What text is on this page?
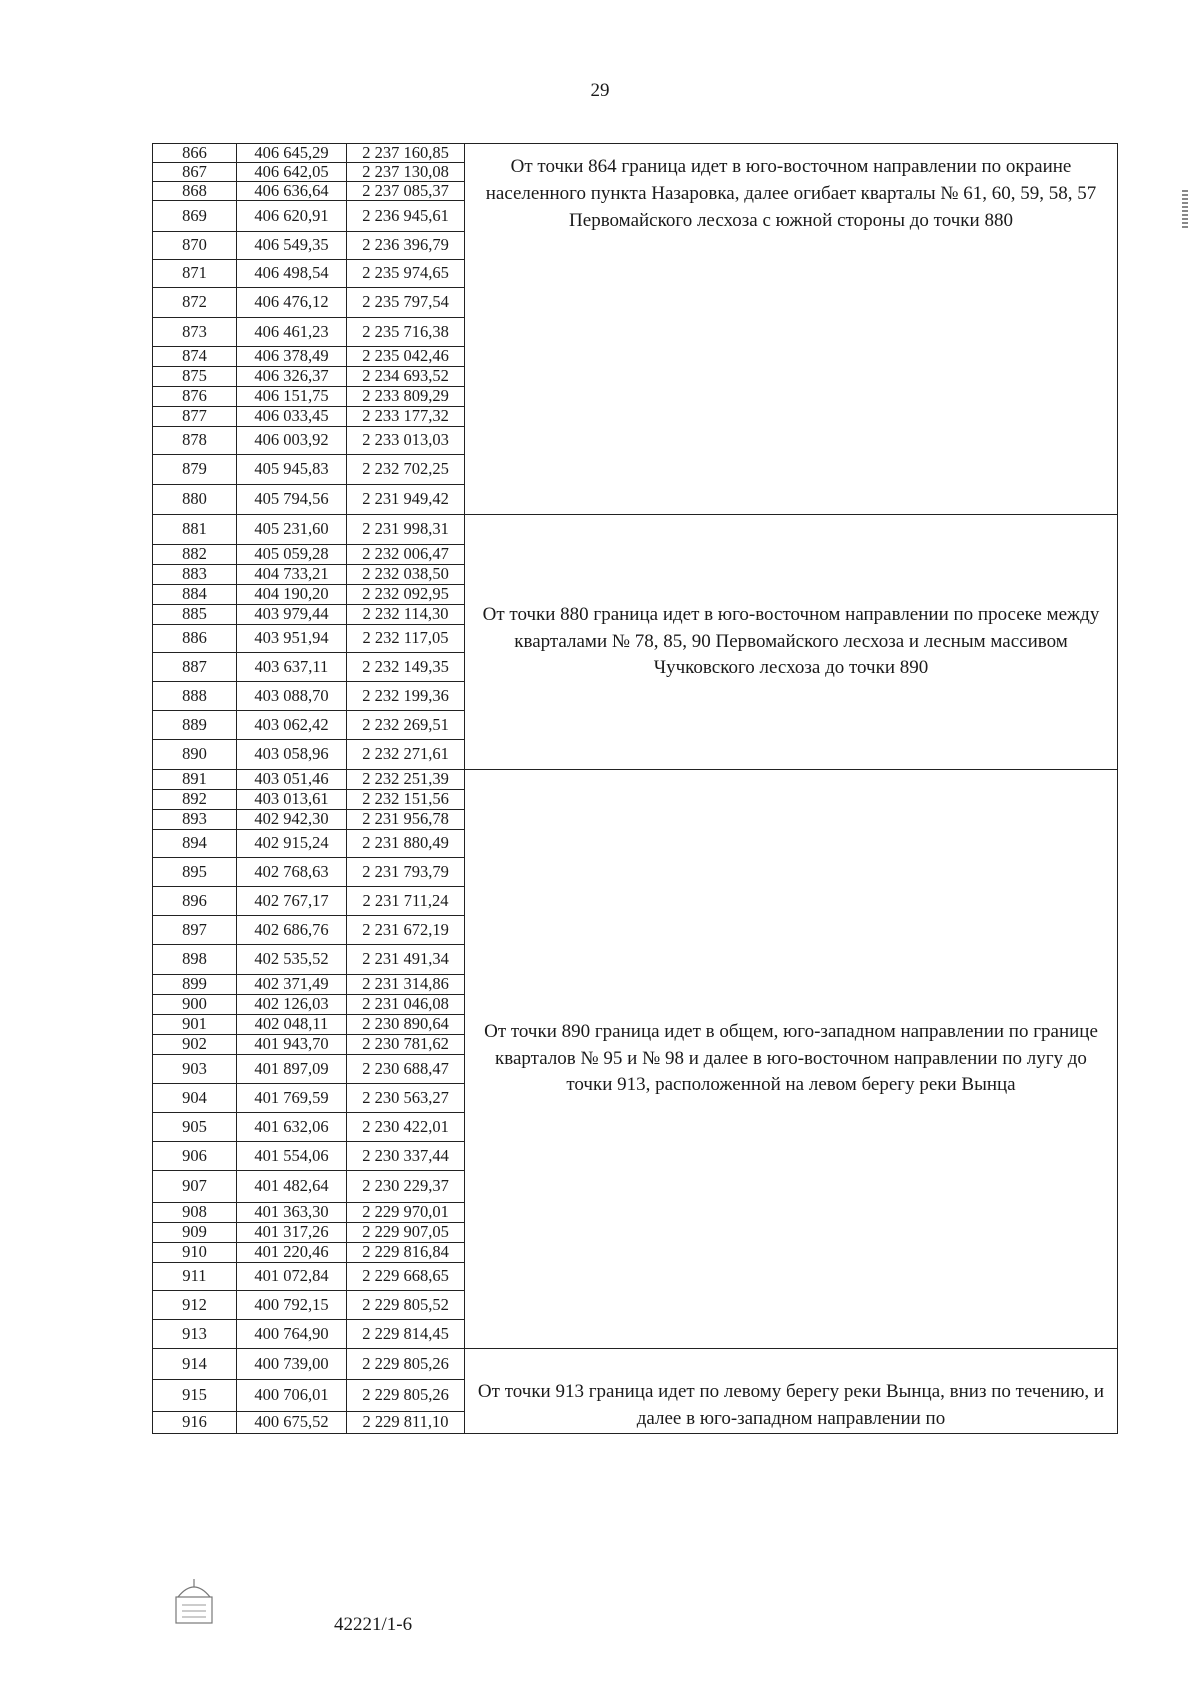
29
866	406 645,29	2 237 160,85	От точки 864 граница идет в юго-восточном направлении по окраине населенного пункта Назаровка, далее огибает кварталы № 61, 60, 59, 58, 57 Первомайского лесхоза с южной стороны до точки 880
867	406 642,05	2 237 130,08	
868	406 636,64	2 237 085,37	
869	406 620,91	2 236 945,61	
870	406 549,35	2 236 396,79	
871	406 498,54	2 235 974,65	
872	406 476,12	2 235 797,54	
873	406 461,23	2 235 716,38	
874	406 378,49	2 235 042,46	
875	406 326,37	2 234 693,52	
876	406 151,75	2 233 809,29	
877	406 033,45	2 233 177,32	
878	406 003,92	2 233 013,03	
879	405 945,83	2 232 702,25	
880	405 794,56	2 231 949,42	
881	405 231,60	2 231 998,31	От точки 880 граница идет в юго-восточном направлении по просеке между кварталами № 78, 85, 90 Первомайского лесхоза и лесным массивом Чучковского лесхоза до точки 890
882	405 059,28	2 232 006,47	
883	404 733,21	2 232 038,50	
884	404 190,20	2 232 092,95	
885	403 979,44	2 232 114,30	
886	403 951,94	2 232 117,05	
887	403 637,11	2 232 149,35	
888	403 088,70	2 232 199,36	
889	403 062,42	2 232 269,51	
890	403 058,96	2 232 271,61	
891	403 051,46	2 232 251,39	От точки 890 граница идет в общем, юго-западном направлении по границе кварталов № 95 и № 98 и далее в юго-восточном направлении по лугу до точки 913, расположенной на левом берегу реки Вынца
892	403 013,61	2 232 151,56	
893	402 942,30	2 231 956,78	
894	402 915,24	2 231 880,49	
895	402 768,63	2 231 793,79	
896	402 767,17	2 231 711,24	
897	402 686,76	2 231 672,19	
898	402 535,52	2 231 491,34	
899	402 371,49	2 231 314,86	
900	402 126,03	2 231 046,08	
901	402 048,11	2 230 890,64	
902	401 943,70	2 230 781,62	
903	401 897,09	2 230 688,47	
904	401 769,59	2 230 563,27	
905	401 632,06	2 230 422,01	
906	401 554,06	2 230 337,44	
907	401 482,64	2 230 229,37	
908	401 363,30	2 229 970,01	
909	401 317,26	2 229 907,05	
910	401 220,46	2 229 816,84	
911	401 072,84	2 229 668,65	
912	400 792,15	2 229 805,52	
913	400 764,90	2 229 814,45	
914	400 739,00	2 229 805,26	От точки 913 граница идет по левому берегу реки Вынца, вниз по течению, и далее в юго-западном направлении по
915	400 706,01	2 229 805,26	
916	400 675,52	2 229 811,10	
42221/1-6
